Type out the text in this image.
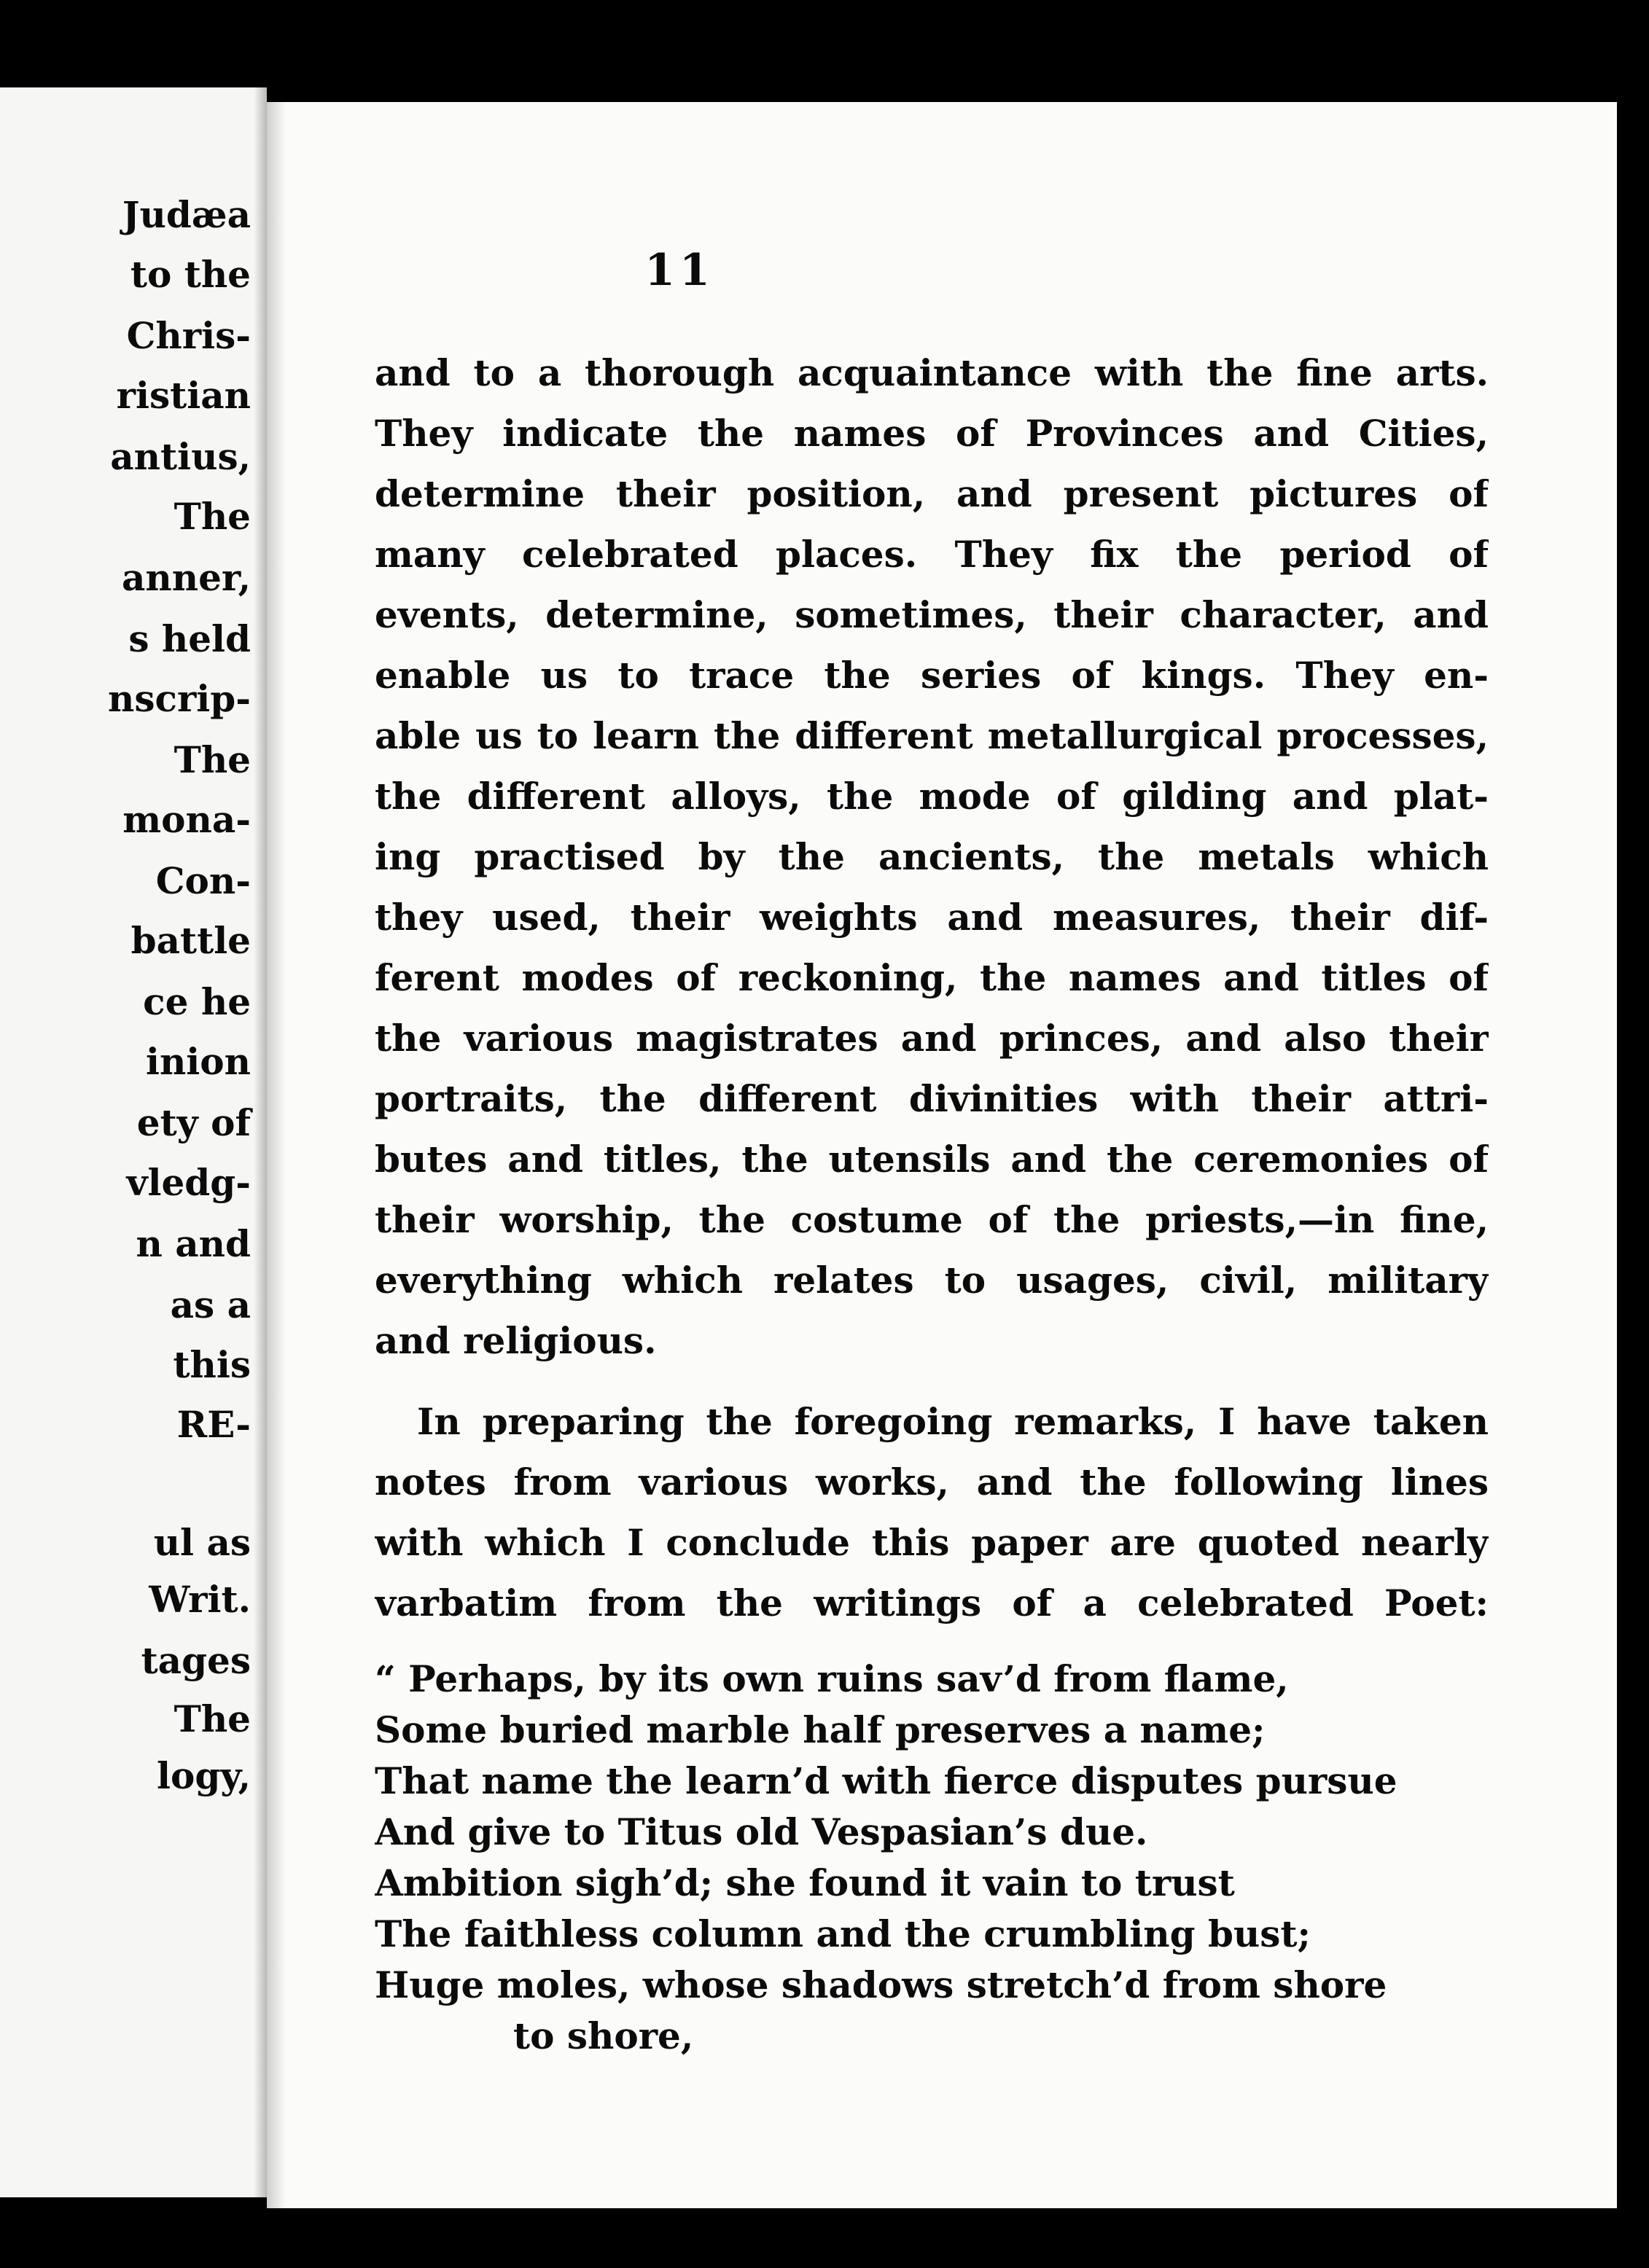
Judæa
to the
Chris-
ristian
antius,
The
anner,
s held
nscrip-
The
mona-
Con-
battle
ce he
inion
ety of
vledg-
n and
as a
this
RE-
ul as
Writ.
tages
The
logy,
11
and to a thorough acquaintance with the fine arts.
They indicate the names of Provinces and Cities,
determine their position, and present pictures of
many celebrated places. They fix the period of
events, determine, sometimes, their character, and
enable us to trace the series of kings. They en-
able us to learn the different metallurgical processes,
the different alloys, the mode of gilding and plat-
ing practised by the ancients, the metals which
they used, their weights and measures, their dif-
ferent modes of reckoning, the names and titles of
the various magistrates and princes, and also their
portraits, the different divinities with their attri-
butes and titles, the utensils and the ceremonies of
their worship, the costume of the priests,—in fine,
everything which relates to usages, civil, military
and religious.
In preparing the foregoing remarks, I have taken
notes from various works, and the following lines
with which I conclude this paper are quoted nearly
varbatim from the writings of a celebrated Poet:
“ Perhaps, by its own ruins sav’d from flame,
Some buried marble half preserves a name;
That name the learn’d with fierce disputes pursue
And give to Titus old Vespasian’s due.
Ambition sigh’d; she found it vain to trust
The faithless column and the crumbling bust;
Huge moles, whose shadows stretch’d from shore
to shore,
